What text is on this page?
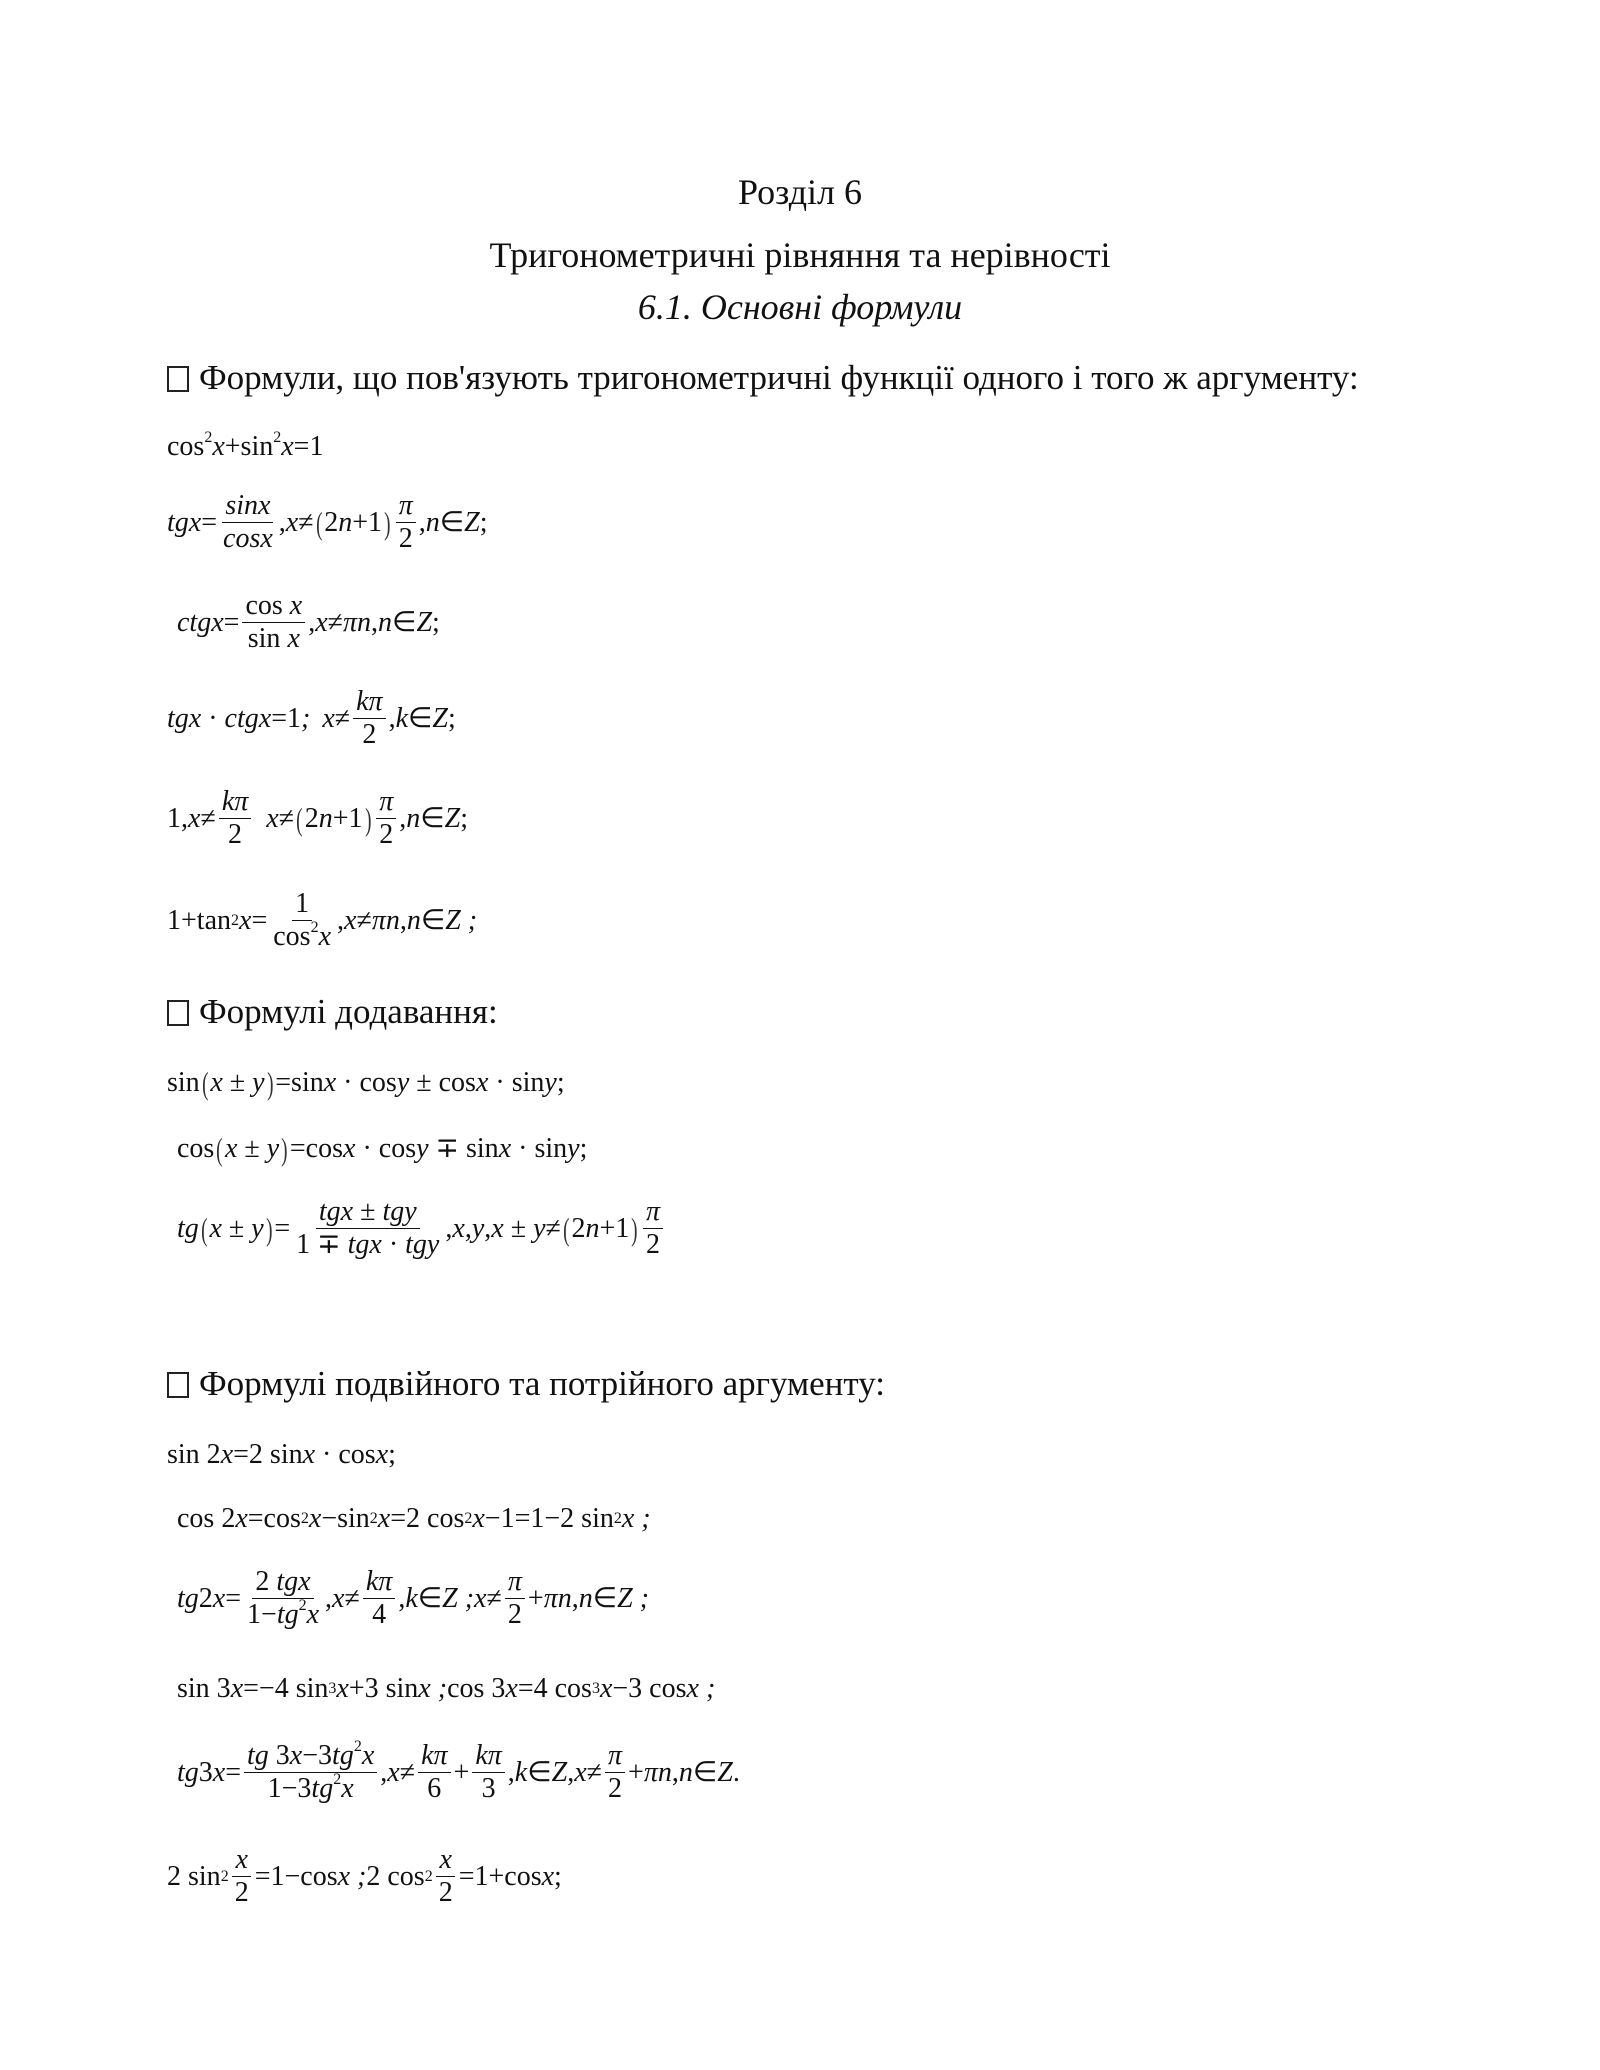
Розділ 6
Тригонометричні рівняння та нерівності
6.1. Основні формули
Формули, що пов'язують тригонометричні функції одного і того ж аргументу:
$\cos^2x+\sin^2x=1$
tgx = $\frac{\sin x}{\cos x}$ , x ≠ ( 2 n +1 ) $\frac{\pi}{2}$ , n ∈ Z ;
ctgx = $\frac{\text{cos x}}{\text{sin x}}$ , x ≠ πn , n ∈ Z ;
tgx · ctgx =1 ; $x \ne \frac{k\pi}{2}$ , k ∈ Z ;
1 , $x \ne \frac{k\pi}{2}$ x ≠ ( 2 n +1 ) $\frac{\pi}{2}$ , n ∈ Z ;
1+tan 2 $x = \frac{1}{\cos^2x}$ , x ≠ πn , n ∈ Z ;
Формулі додавання:
sin ( x ± y ) =sin x · cos y ± cos x · sin y ;
cos ( x ± y ) =cos x · cos y ∓ sin x · sin y ;
tg ( x ± y ) = $\frac{\text{tgx ± tgy}}{\text{1 ∓ tgx · tgy}}$ , x , y , x ± y ≠ ( 2 n +1 ) $\frac{\pi}{2}$
Формулі подвійного та потрійного аргументу:
sin 2 x =2 sin x · cos x ;
cos 2 x =cos 2 x −sin 2 x =2 cos 2 x −1=1−2 sin 2 x ;
tg 2 $x = \frac{\text{2 tgx}}{1-tg^2x}$ , $x \ne \frac{k\pi}{4}$ , k ∈ Z ; $x \ne \frac{\pi}{2} + \pi n$ , n ∈ Z ;
sin 3 x =−4 sin 3 x +3 sin x ; cos 3 x =4 cos 3 x −3 cos x ;
tg 3 $x = \frac{tg 3x-3tg^2x}{1-3tg^2x}$ , $x \ne \frac{k\pi}{6} + \frac{k\pi}{3}$ , k ∈ Z , $x \ne \frac{\pi}{2} + \pi n$ , n ∈ Z .
2 $\sin 2 \frac{x}{2} =1-\cos$ x ; 2 $\cos 2 \frac{x}{2} =1+\cos$ x ;
